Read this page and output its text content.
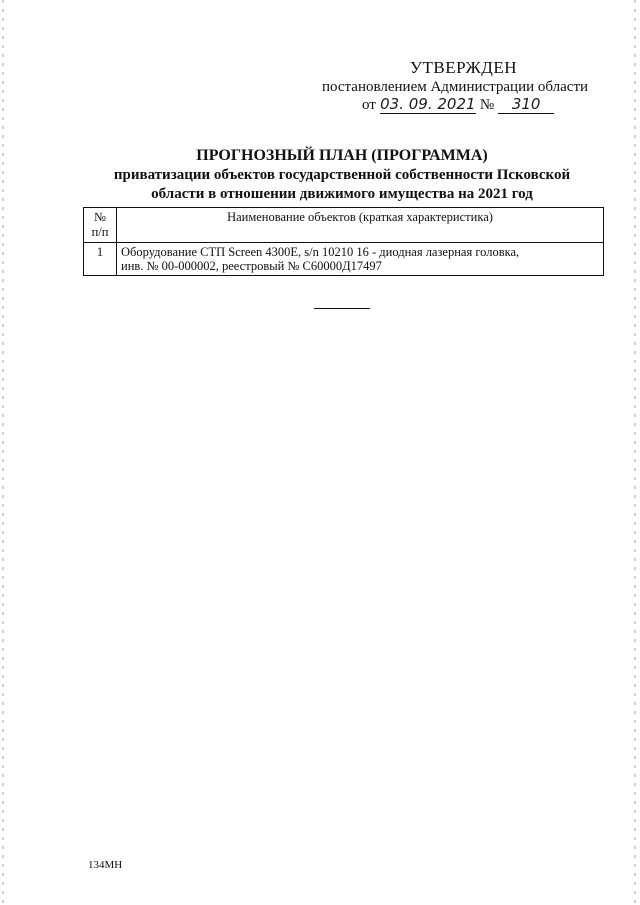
УТВЕРЖДЕН
постановлением Администрации области
от 03. 09. 2021 №	310
ПРОГНОЗНЫЙ ПЛАН (ПРОГРАММА)
приватизации объектов государственной собственности Псковской
области в отношении движимого имущества на 2021 год
№
п/п	Наименование объектов (краткая характеристика)
1	Оборудование СТП Screen 4300E, s/n 10210 16 - диодная лазерная головка,
инв. № 00-000002, реестровый № С60000Д17497
134МН
